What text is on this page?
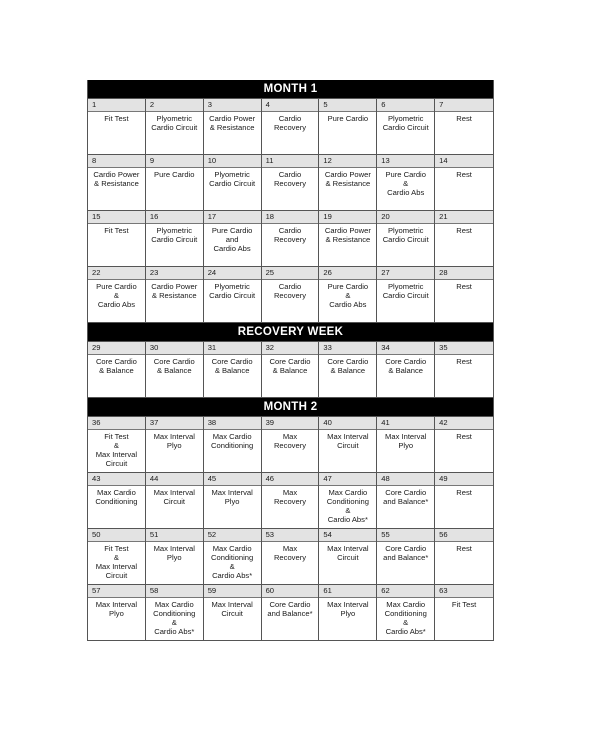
MONTH 1
1
Fit Test
2
Plyometric
Cardio Circuit
3
Cardio Power
& Resistance
4
Cardio
Recovery
5
Pure Cardio
6
Plyometric
Cardio Circuit
7
Rest
8
Cardio Power
& Resistance
9
Pure Cardio
10
Plyometric
Cardio Circuit
11
Cardio
Recovery
12
Cardio Power
& Resistance
13
Pure Cardio
&
Cardio Abs
14
Rest
15
Fit Test
16
Plyometric
Cardio Circuit
17
Pure Cardio
and
Cardio Abs
18
Cardio
Recovery
19
Cardio Power
& Resistance
20
Plyometric
Cardio Circuit
21
Rest
22
Pure Cardio
&
Cardio Abs
23
Cardio Power
& Resistance
24
Plyometric
Cardio Circuit
25
Cardio
Recovery
26
Pure Cardio
&
Cardio Abs
27
Plyometric
Cardio Circuit
28
Rest
RECOVERY WEEK
29
Core Cardio
& Balance
30
Core Cardio
& Balance
31
Core Cardio
& Balance
32
Core Cardio
& Balance
33
Core Cardio
& Balance
34
Core Cardio
& Balance
35
Rest
MONTH 2
36
Fit Test
&
Max Interval
Circuit
37
Max Interval
Plyo
38
Max Cardio
Conditioning
39
Max
Recovery
40
Max Interval
Circuit
41
Max Interval
Plyo
42
Rest
43
Max Cardio
Conditioning
44
Max Interval
Circuit
45
Max Interval
Plyo
46
Max
Recovery
47
Max Cardio
Conditioning
&
Cardio Abs*
48
Core Cardio
and Balance*
49
Rest
50
Fit Test
&
Max Interval
Circuit
51
Max Interval
Plyo
52
Max Cardio
Conditioning
&
Cardio Abs*
53
Max
Recovery
54
Max Interval
Circuit
55
Core Cardio
and Balance*
56
Rest
57
Max Interval
Plyo
58
Max Cardio
Conditioning
&
Cardio Abs*
59
Max Interval
Circuit
60
Core Cardio
and Balance*
61
Max Interval
Plyo
62
Max Cardio
Conditioning
&
Cardio Abs*
63
Fit Test
